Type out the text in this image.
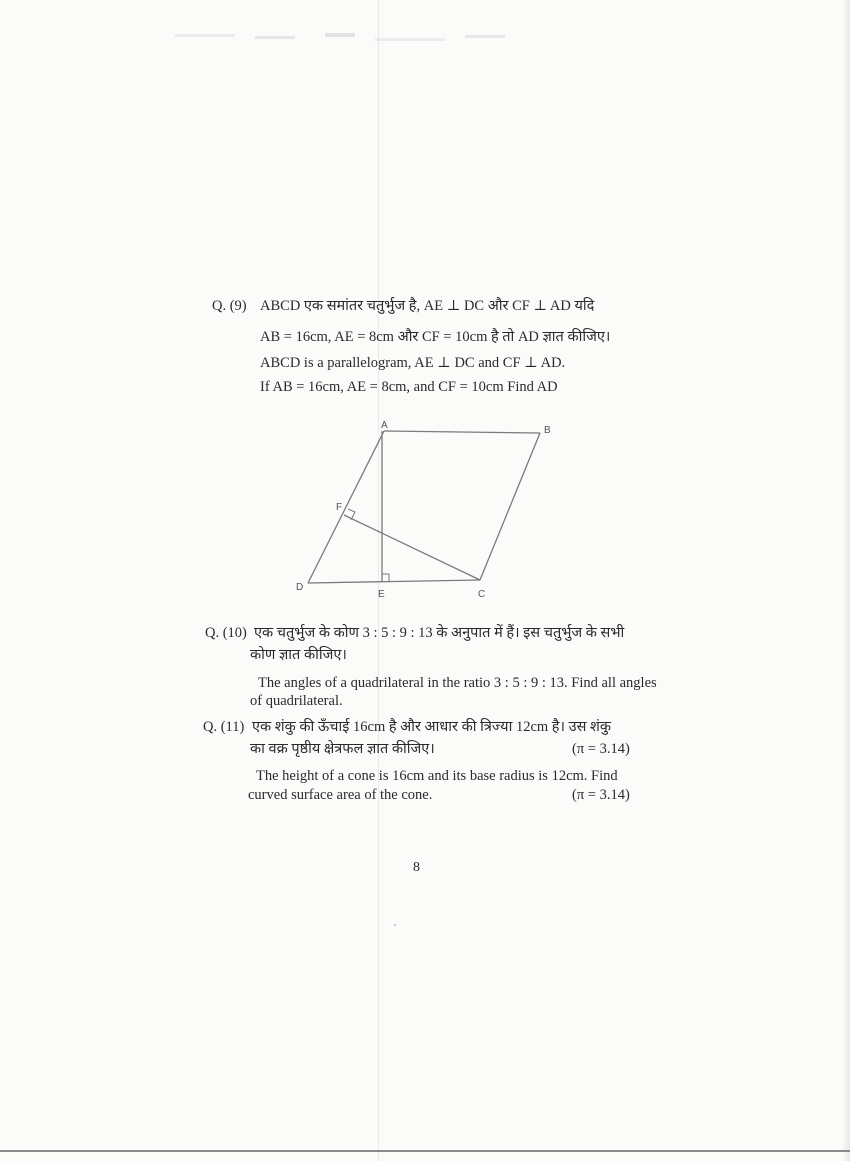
Q. (9) ABCD एक समांतर चतुर्भुज है, AE ⊥ DC और CF ⊥ AD यदि
AB = 16cm, AE = 8cm और CF = 10cm है तो AD ज्ञात कीजिए।
ABCD is a parallelogram, AE ⊥ DC and CF ⊥ AD.
If AB = 16cm, AE = 8cm, and CF = 10cm Find AD
A	B
C
D
E
F
Q. (10) एक चतुर्भुज के कोण 3 : 5 : 9 : 13 के अनुपात में हैं। इस चतुर्भुज के सभी
कोण ज्ञात कीजिए।
The angles of a quadrilateral in the ratio 3 : 5 : 9 : 13. Find all angles
of quadrilateral.
Q. (11) एक शंकु की ऊँचाई 16cm है और आधार की त्रिज्या 12cm है। उस शंकु
का वक्र पृष्ठीय क्षेत्रफल ज्ञात कीजिए।	(π = 3.14)
The height of a cone is 16cm and its base radius is 12cm. Find
curved surface area of the cone.	(π = 3.14)
8
